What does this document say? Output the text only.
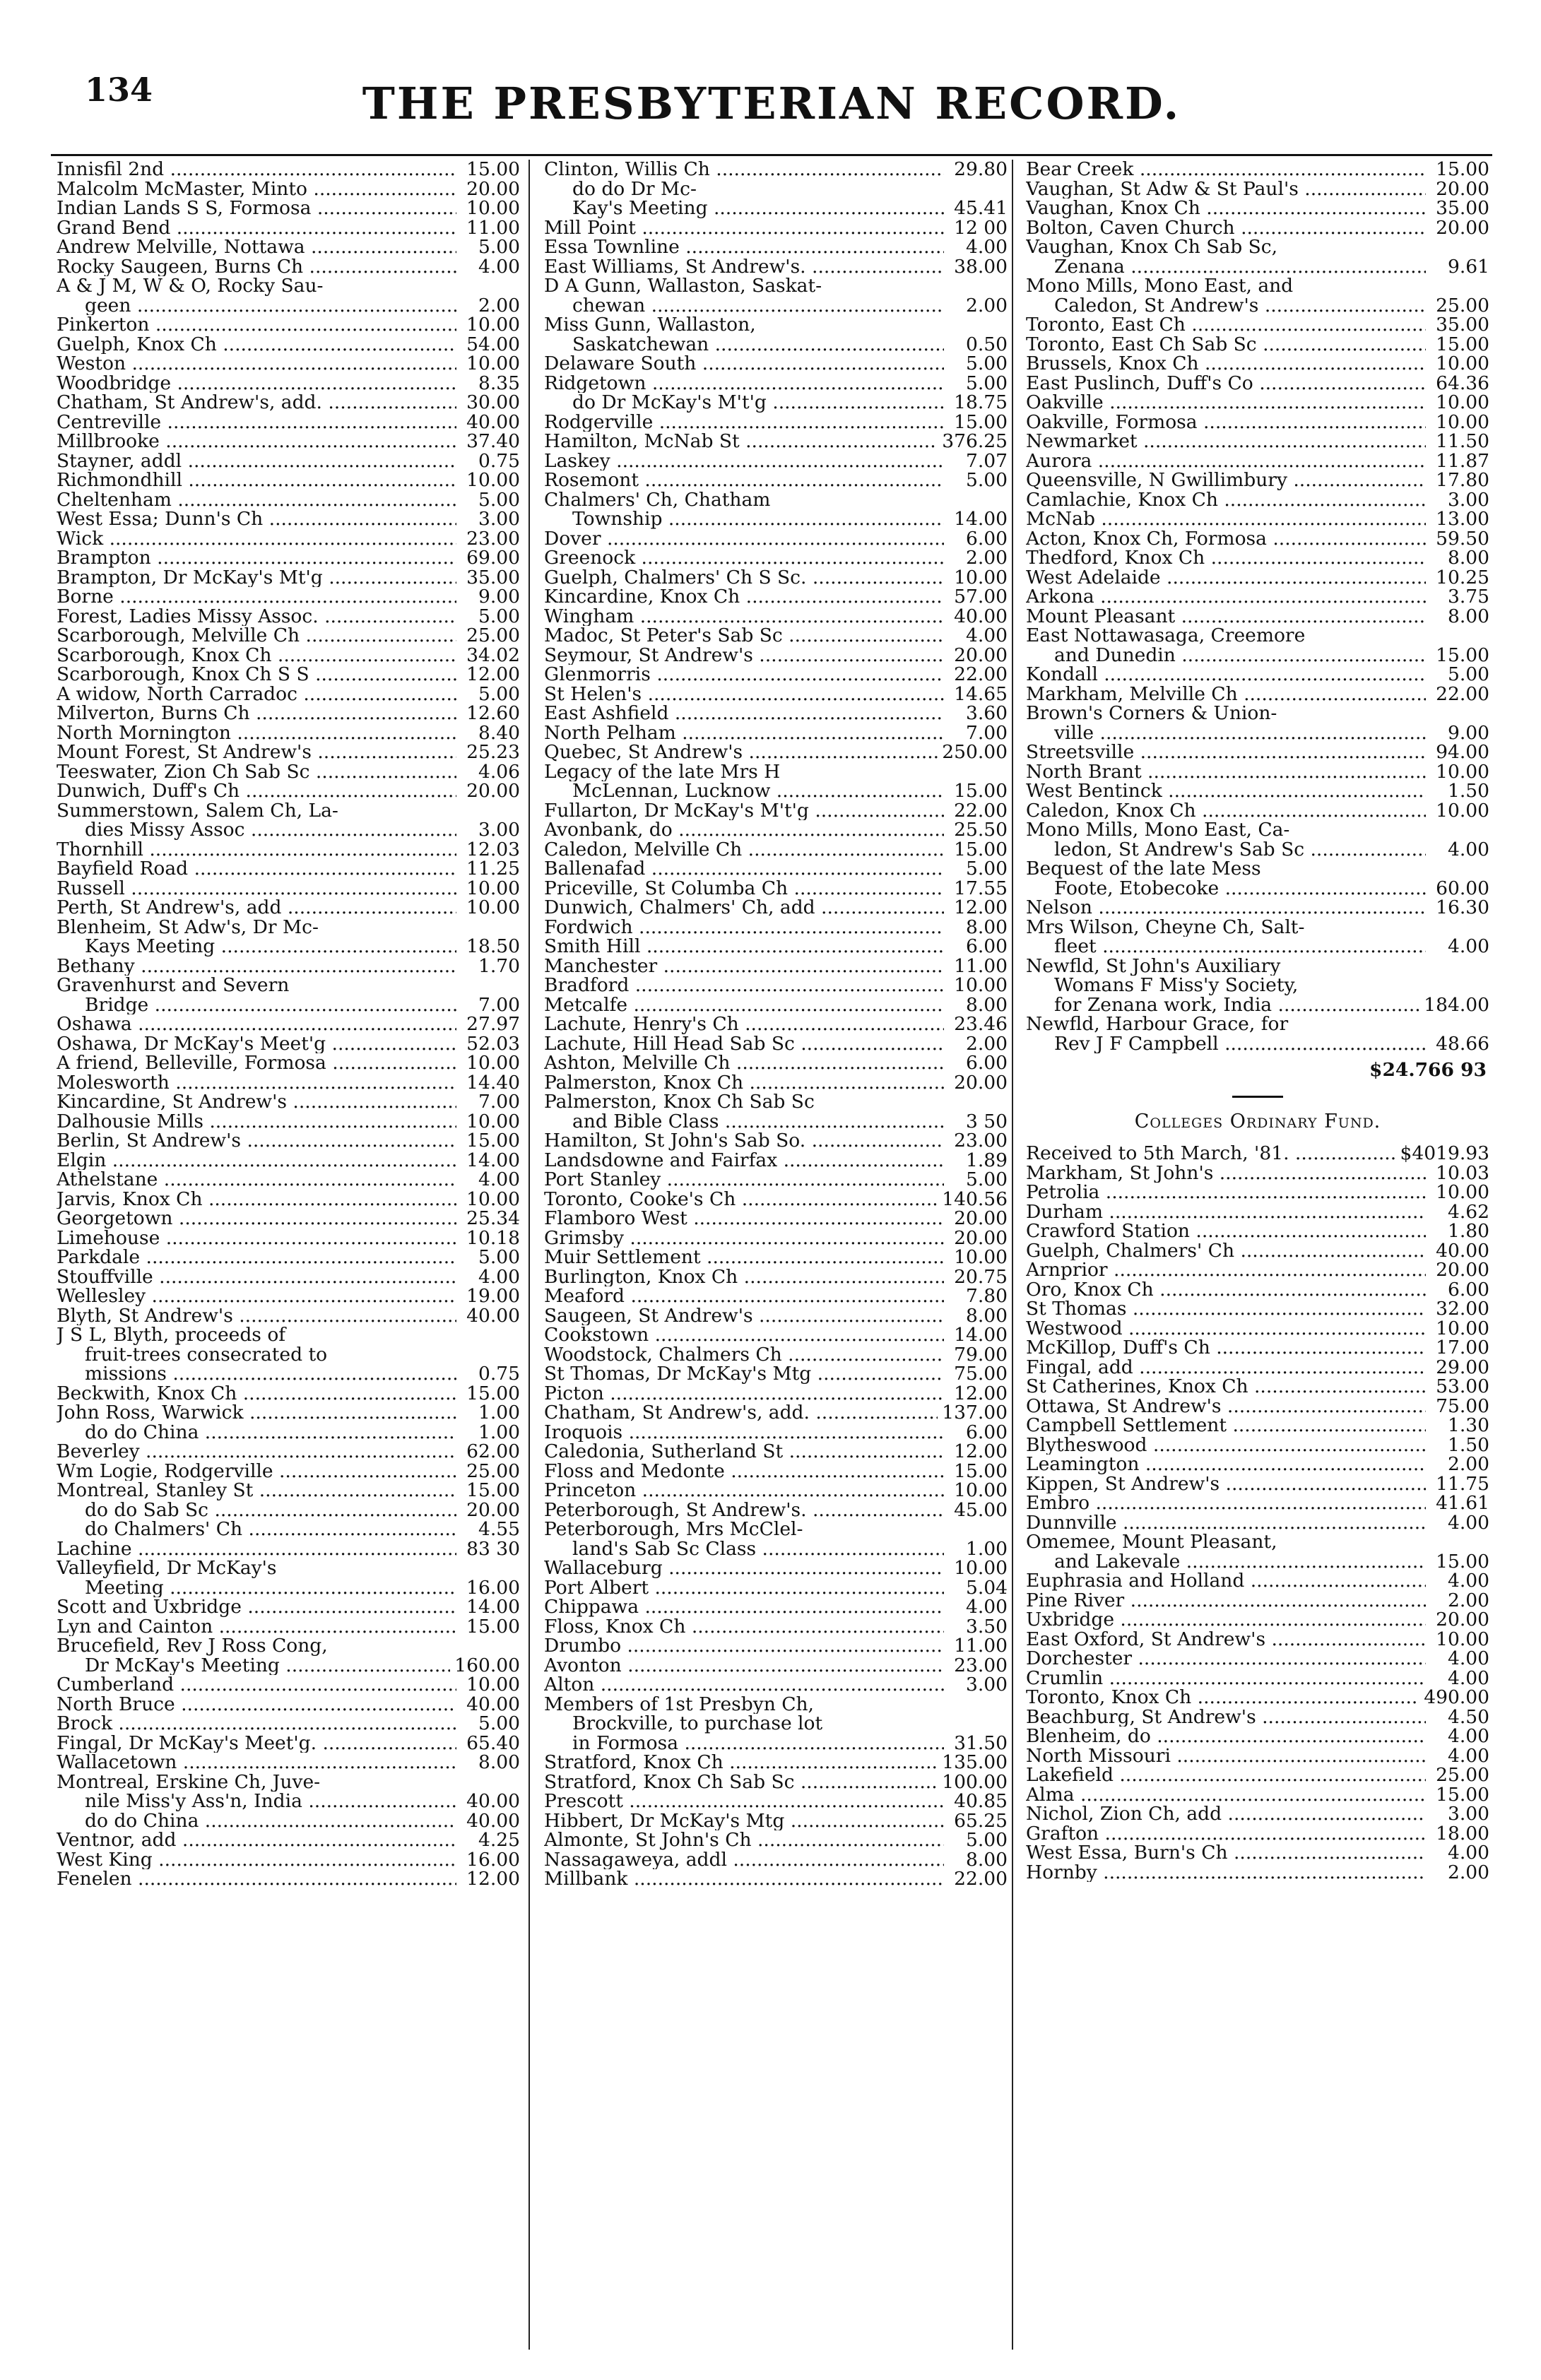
134	THE PRESBYTERIAN RECORD.
Innisfil 2nd .....	15.00
Malcolm McMaster, Minto .....	20.00
Indian Lands S S, Formosa .....	10.00
Grand Bend .....	11.00
Andrew Melville, Nottawa .....	5.00
Rocky Saugeen, Burns Ch .....	4.00
A & J M, W & O, Rocky Sau-
geen .....	2.00
Pinkerton .....	10.00
Guelph, Knox Ch .....	54.00
Weston .....	10.00
Woodbridge .....	8.35
Chatham, St Andrew's, add. .....	30.00
Centreville .....	40.00
Millbrooke .....	37.40
Stayner, addl .....	0.75
Richmondhill .....	10.00
Cheltenham .....	5.00
West Essa; Dunn's Ch .....	3.00
Wick .....	23.00
Brampton .....	69.00
Brampton, Dr McKay's Mt'g .....	35.00
Borne .....	9.00
Forest, Ladies Missy Assoc. .....	5.00
Scarborough, Melville Ch .....	25.00
Scarborough, Knox Ch .....	34.02
Scarborough, Knox Ch S S .....	12.00
A widow, North Carradoc .....	5.00
Milverton, Burns Ch .....	12.60
North Mornington .....	8.40
Mount Forest, St Andrew's .....	25.23
Teeswater, Zion Ch Sab Sc .....	4.06
Dunwich, Duff's Ch .....	20.00
Summerstown, Salem Ch, La-
dies Missy Assoc .....	3.00
Thornhill .....	12.03
Bayfield Road .....	11.25
Russell .....	10.00
Perth, St Andrew's, add .....	10.00
Blenheim, St Adw's, Dr Mc-
Kays Meeting .....	18.50
Bethany .....	1.70
Gravenhurst and Severn
Bridge .....	7.00
Oshawa .....	27.97
Oshawa, Dr McKay's Meet'g .....	52.03
A friend, Belleville, Formosa .....	10.00
Molesworth .....	14.40
Kincardine, St Andrew's .....	7.00
Dalhousie Mills .....	10.00
Berlin, St Andrew's .....	15.00
Elgin .....	14.00
Athelstane .....	4.00
Jarvis, Knox Ch .....	10.00
Georgetown .....	25.34
Limehouse .....	10.18
Parkdale .....	5.00
Stouffville .....	4.00
Wellesley .....	19.00
Blyth, St Andrew's .....	40.00
J S L, Blyth, proceeds of
fruit-trees consecrated to
missions .....	0.75
Beckwith, Knox Ch .....	15.00
John Ross, Warwick .....	1.00
do do China .....	1.00
Beverley .....	62.00
Wm Logie, Rodgerville .....	25.00
Montreal, Stanley St .....	15.00
do do Sab Sc .....	20.00
do Chalmers' Ch .....	4.55
Lachine .....	83 30
Valleyfield, Dr McKay's
Meeting .....	16.00
Scott and Uxbridge .....	14.00
Lyn and Cainton .....	15.00
Brucefield, Rev J Ross Cong,
Dr McKay's Meeting .....	160.00
Cumberland .....	10.00
North Bruce .....	40.00
Brock .....	5.00
Fingal, Dr McKay's Meet'g. .....	65.40
Wallacetown .....	8.00
Montreal, Erskine Ch, Juve-
nile Miss'y Ass'n, India .....	40.00
do do China .....	40.00
Ventnor, add .....	4.25
West King .....	16.00
Fenelen .....	12.00
Clinton, Willis Ch .....	29.80
do do Dr Mc-
Kay's Meeting .....	45.41
Mill Point .....	12 00
Essa Townline .....	4.00
East Williams, St Andrew's. .....	38.00
D A Gunn, Wallaston, Saskat-
chewan .....	2.00
Miss Gunn, Wallaston,
Saskatchewan .....	0.50
Delaware South .....	5.00
Ridgetown .....	5.00
do Dr McKay's M't'g .....	18.75
Rodgerville .....	15.00
Hamilton, McNab St .....	376.25
Laskey .....	7.07
Rosemont .....	5.00
Chalmers' Ch, Chatham
Township .....	14.00
Dover .....	6.00
Greenock .....	2.00
Guelph, Chalmers' Ch S Sc. .....	10.00
Kincardine, Knox Ch .....	57.00
Wingham .....	40.00
Madoc, St Peter's Sab Sc .....	4.00
Seymour, St Andrew's .....	20.00
Glenmorris .....	22.00
St Helen's .....	14.65
East Ashfield .....	3.60
North Pelham .....	7.00
Quebec, St Andrew's .....	250.00
Legacy of the late Mrs H
McLennan, Lucknow .....	15.00
Fullarton, Dr McKay's M't'g .....	22.00
Avonbank, do .....	25.50
Caledon, Melville Ch .....	15.00
Ballenafad .....	5.00
Priceville, St Columba Ch .....	17.55
Dunwich, Chalmers' Ch, add .....	12.00
Fordwich .....	8.00
Smith Hill .....	6.00
Manchester .....	11.00
Bradford .....	10.00
Metcalfe .....	8.00
Lachute, Henry's Ch .....	23.46
Lachute, Hill Head Sab Sc .....	2.00
Ashton, Melville Ch .....	6.00
Palmerston, Knox Ch .....	20.00
Palmerston, Knox Ch Sab Sc
and Bible Class .....	3 50
Hamilton, St John's Sab So. .....	23.00
Landsdowne and Fairfax .....	1.89
Port Stanley .....	5.00
Toronto, Cooke's Ch .....	140.56
Flamboro West .....	20.00
Grimsby .....	20.00
Muir Settlement .....	10.00
Burlington, Knox Ch .....	20.75
Meaford .....	7.80
Saugeen, St Andrew's .....	8.00
Cookstown .....	14.00
Woodstock, Chalmers Ch .....	79.00
St Thomas, Dr McKay's Mtg .....	75.00
Picton .....	12.00
Chatham, St Andrew's, add. .....	137.00
Iroquois .....	6.00
Caledonia, Sutherland St .....	12.00
Floss and Medonte .....	15.00
Princeton .....	10.00
Peterborough, St Andrew's. .....	45.00
Peterborough, Mrs McClel-
land's Sab Sc Class .....	1.00
Wallaceburg .....	10.00
Port Albert .....	5.04
Chippawa .....	4.00
Floss, Knox Ch .....	3.50
Drumbo .....	11.00
Avonton .....	23.00
Alton .....	3.00
Members of 1st Presbyn Ch,
Brockville, to purchase lot
in Formosa .....	31.50
Stratford, Knox Ch .....	135.00
Stratford, Knox Ch Sab Sc .....	100.00
Prescott .....	40.85
Hibbert, Dr McKay's Mtg .....	65.25
Almonte, St John's Ch .....	5.00
Nassagaweya, addl .....	8.00
Millbank .....	22.00
Bear Creek .....	15.00
Vaughan, St Adw & St Paul's .....	20.00
Vaughan, Knox Ch .....	35.00
Bolton, Caven Church .....	20.00
Vaughan, Knox Ch Sab Sc,
Zenana .....	9.61
Mono Mills, Mono East, and
Caledon, St Andrew's .....	25.00
Toronto, East Ch .....	35.00
Toronto, East Ch Sab Sc .....	15.00
Brussels, Knox Ch .....	10.00
East Puslinch, Duff's Co .....	64.36
Oakville .....	10.00
Oakville, Formosa .....	10.00
Newmarket .....	11.50
Aurora .....	11.87
Queensville, N Gwillimbury .....	17.80
Camlachie, Knox Ch .....	3.00
McNab .....	13.00
Acton, Knox Ch, Formosa .....	59.50
Thedford, Knox Ch .....	8.00
West Adelaide .....	10.25
Arkona .....	3.75
Mount Pleasant .....	8.00
East Nottawasaga, Creemore
and Dunedin .....	15.00
Kondall .....	5.00
Markham, Melville Ch .....	22.00
Brown's Corners & Union-
ville .....	9.00
Streetsville .....	94.00
North Brant .....	10.00
West Bentinck .....	1.50
Caledon, Knox Ch .....	10.00
Mono Mills, Mono East, Ca-
ledon, St Andrew's Sab Sc .....	4.00
Bequest of the late Mess
Foote, Etobecoke .....	60.00
Nelson .....	16.30
Mrs Wilson, Cheyne Ch, Salt-
fleet .....	4.00
Newfld, St John's Auxiliary
Womans F Miss'y Society,
for Zenana work, India .....	184.00
Newfld, Harbour Grace, for
Rev J F Campbell .....	48.66
$24.766 93
Colleges Ordinary Fund.
Received to 5th March, '81. .....	$4019.93
Markham, St John's .....	10.03
Petrolia .....	10.00
Durham .....	4.62
Crawford Station .....	1.80
Guelph, Chalmers' Ch .....	40.00
Arnprior .....	20.00
Oro, Knox Ch .....	6.00
St Thomas .....	32.00
Westwood .....	10.00
McKillop, Duff's Ch .....	17.00
Fingal, add .....	29.00
St Catherines, Knox Ch .....	53.00
Ottawa, St Andrew's .....	75.00
Campbell Settlement .....	1.30
Blytheswood .....	1.50
Leamington .....	2.00
Kippen, St Andrew's .....	11.75
Embro .....	41.61
Dunnville .....	4.00
Omemee, Mount Pleasant,
and Lakevale .....	15.00
Euphrasia and Holland .....	4.00
Pine River .....	2.00
Uxbridge .....	20.00
East Oxford, St Andrew's .....	10.00
Dorchester .....	4.00
Crumlin .....	4.00
Toronto, Knox Ch .....	490.00
Beachburg, St Andrew's .....	4.50
Blenheim, do .....	4.00
North Missouri .....	4.00
Lakefield .....	25.00
Alma .....	15.00
Nichol, Zion Ch, add .....	3.00
Grafton .....	18.00
West Essa, Burn's Ch .....	4.00
Hornby .....	2.00
